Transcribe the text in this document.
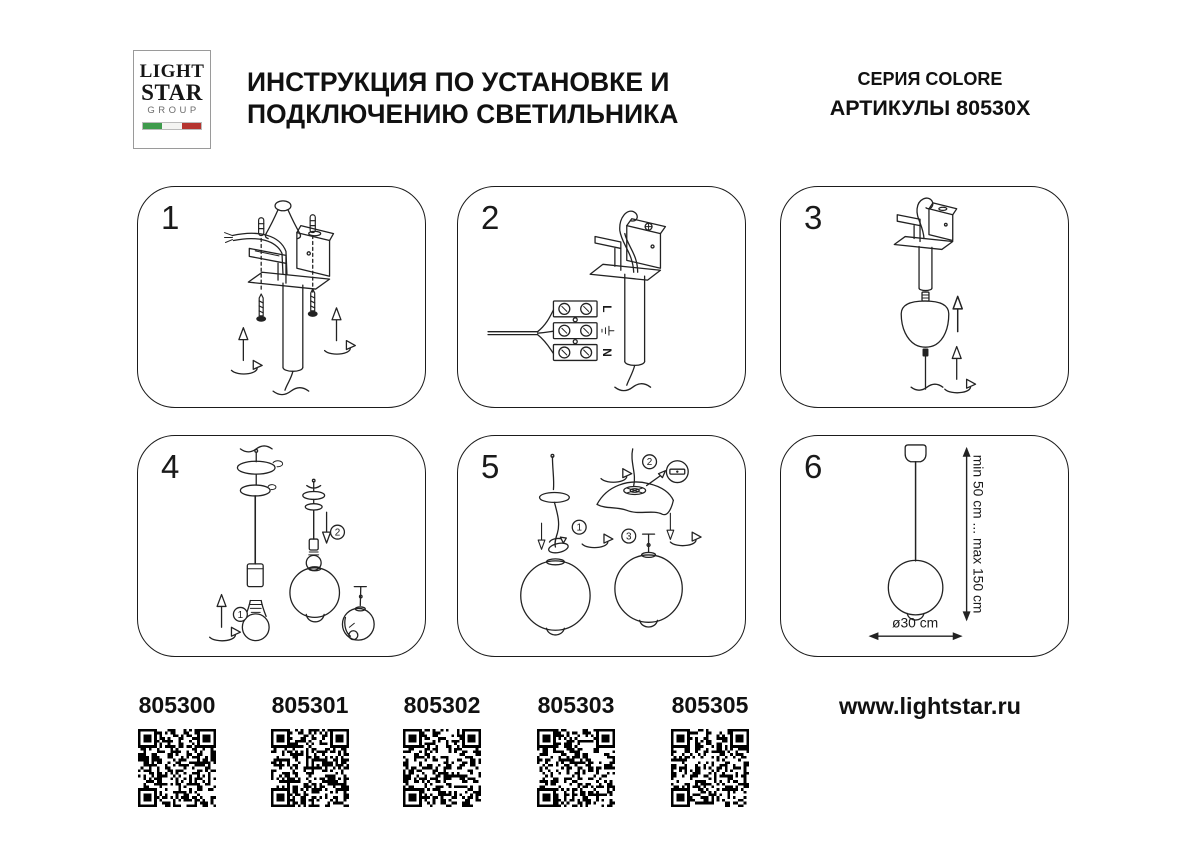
LIGHT
STAR
GROUP
ИНСТРУКЦИЯ ПО УСТАНОВКЕ И
ПОДКЛЮЧЕНИЮ СВЕТИЛЬНИКА
СЕРИЯ COLORE
АРТИКУЛЫ 80530X
1	2
L
N
3
4
1
2
5
1
2
3
6	min 50 cm ... max 150 cm
ø30 cm
805300 805301 805302 805303 805305	www.lightstar.ru
